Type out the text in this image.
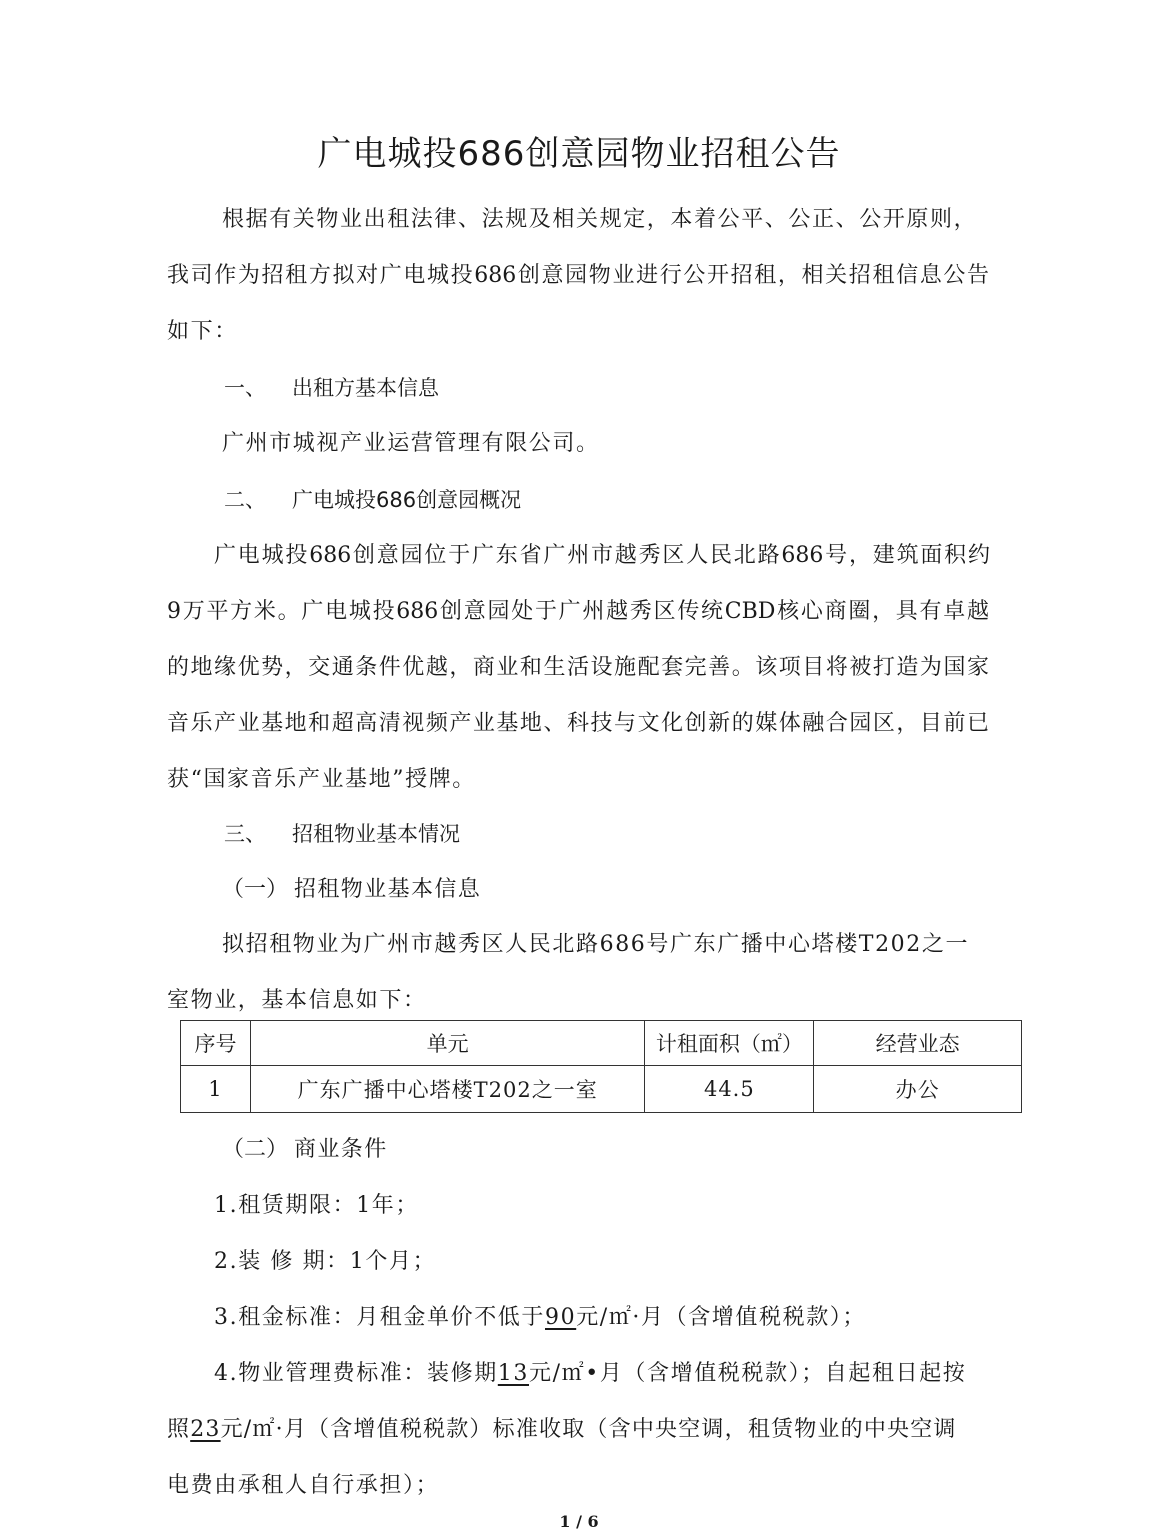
广电城投686创意园物业招租公告
根据有关物业出租法律、法规及相关规定，本着公平、公正、公开原则，
我司作为招租方拟对广电城投686创意园物业进行公开招租，相关招租信息公告
如下：
一、 出租方基本信息
广州市城视产业运营管理有限公司。
二、 广电城投686创意园概况
广电城投686创意园位于广东省广州市越秀区人民北路686号，建筑面积约
9万平方米。广电城投686创意园处于广州越秀区传统CBD核心商圈，具有卓越
的地缘优势，交通条件优越，商业和生活设施配套完善。该项目将被打造为国家
音乐产业基地和超高清视频产业基地、科技与文化创新的媒体融合园区，目前已
获“国家音乐产业基地”授牌。
三、 招租物业基本情况
（一） 招租物业基本信息
拟招租物业为广州市越秀区人民北路686号广东广播中心塔楼T202之一
室物业，基本信息如下：
序号	单元	计租面积（㎡）	经营业态
1	广东广播中心塔楼T202之一室	44.5	办公
（二） 商业条件
1.租赁期限：1年；
2.装 修 期：1个月；
3.租金标准：月租金单价不低于90元/㎡·月（含增值税税款）；
4.物业管理费标准：装修期13元/㎡•月（含增值税税款）；自起租日起按
照23元/㎡·月（含增值税税款）标准收取（含中央空调，租赁物业的中央空调
电费由承租人自行承担）；
1 / 6
